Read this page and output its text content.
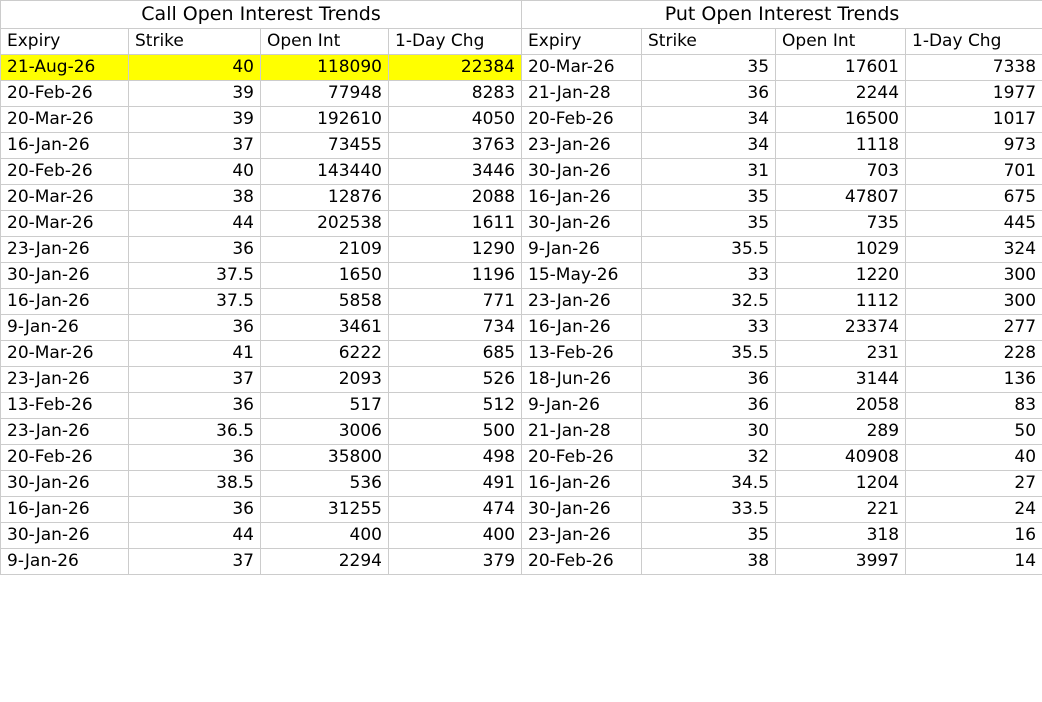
Call Open Interest Trends				Put Open Interest Trends			
Expiry	Strike	Open Int	1-Day Chg	Expiry	Strike	Open Int	1-Day Chg
21-Aug-26	40	118090	22384	20-Mar-26	35	17601	7338
20-Feb-26	39	77948	8283	21-Jan-28	36	2244	1977
20-Mar-26	39	192610	4050	20-Feb-26	34	16500	1017
16-Jan-26	37	73455	3763	23-Jan-26	34	1118	973
20-Feb-26	40	143440	3446	30-Jan-26	31	703	701
20-Mar-26	38	12876	2088	16-Jan-26	35	47807	675
20-Mar-26	44	202538	1611	30-Jan-26	35	735	445
23-Jan-26	36	2109	1290	9-Jan-26	35.5	1029	324
30-Jan-26	37.5	1650	1196	15-May-26	33	1220	300
16-Jan-26	37.5	5858	771	23-Jan-26	32.5	1112	300
9-Jan-26	36	3461	734	16-Jan-26	33	23374	277
20-Mar-26	41	6222	685	13-Feb-26	35.5	231	228
23-Jan-26	37	2093	526	18-Jun-26	36	3144	136
13-Feb-26	36	517	512	9-Jan-26	36	2058	83
23-Jan-26	36.5	3006	500	21-Jan-28	30	289	50
20-Feb-26	36	35800	498	20-Feb-26	32	40908	40
30-Jan-26	38.5	536	491	16-Jan-26	34.5	1204	27
16-Jan-26	36	31255	474	30-Jan-26	33.5	221	24
30-Jan-26	44	400	400	23-Jan-26	35	318	16
9-Jan-26	37	2294	379	20-Feb-26	38	3997	14
